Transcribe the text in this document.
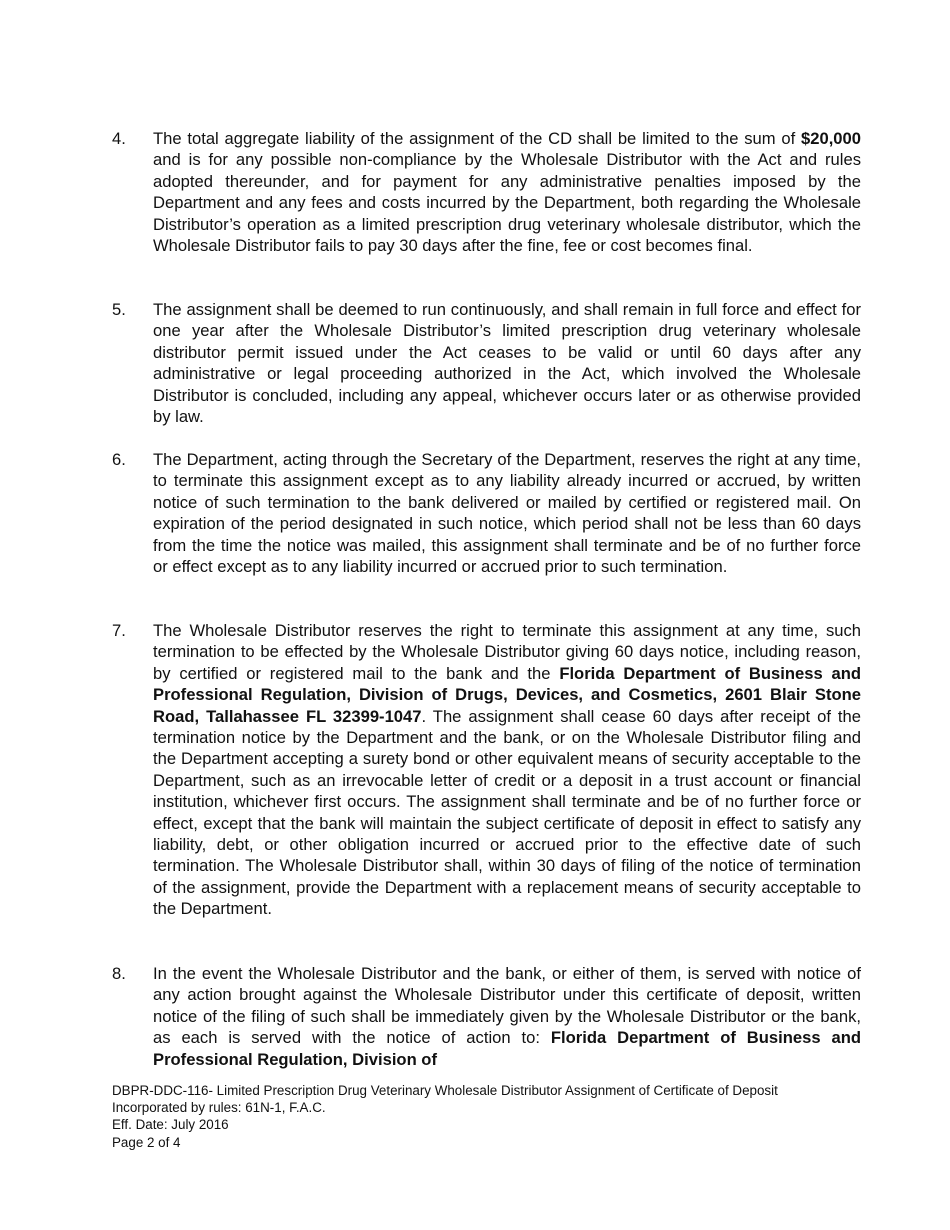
4. The total aggregate liability of the assignment of the CD shall be limited to the sum of $20,000 and is for any possible non-compliance by the Wholesale Distributor with the Act and rules adopted thereunder, and for payment for any administrative penalties imposed by the Department and any fees and costs incurred by the Department, both regarding the Wholesale Distributor’s operation as a limited prescription drug veterinary wholesale distributor, which the Wholesale Distributor fails to pay 30 days after the fine, fee or cost becomes final.
5. The assignment shall be deemed to run continuously, and shall remain in full force and effect for one year after the Wholesale Distributor’s limited prescription drug veterinary wholesale distributor permit issued under the Act ceases to be valid or until 60 days after any administrative or legal proceeding authorized in the Act, which involved the Wholesale Distributor is concluded, including any appeal, whichever occurs later or as otherwise provided by law.
6. The Department, acting through the Secretary of the Department, reserves the right at any time, to terminate this assignment except as to any liability already incurred or accrued, by written notice of such termination to the bank delivered or mailed by certified or registered mail. On expiration of the period designated in such notice, which period shall not be less than 60 days from the time the notice was mailed, this assignment shall terminate and be of no further force or effect except as to any liability incurred or accrued prior to such termination.
7. The Wholesale Distributor reserves the right to terminate this assignment at any time, such termination to be effected by the Wholesale Distributor giving 60 days notice, including reason, by certified or registered mail to the bank and the Florida Department of Business and Professional Regulation, Division of Drugs, Devices, and Cosmetics, 2601 Blair Stone Road, Tallahassee FL 32399-1047. The assignment shall cease 60 days after receipt of the termination notice by the Department and the bank, or on the Wholesale Distributor filing and the Department accepting a surety bond or other equivalent means of security acceptable to the Department, such as an irrevocable letter of credit or a deposit in a trust account or financial institution, whichever first occurs. The assignment shall terminate and be of no further force or effect, except that the bank will maintain the subject certificate of deposit in effect to satisfy any liability, debt, or other obligation incurred or accrued prior to the effective date of such termination. The Wholesale Distributor shall, within 30 days of filing of the notice of termination of the assignment, provide the Department with a replacement means of security acceptable to the Department.
8. In the event the Wholesale Distributor and the bank, or either of them, is served with notice of any action brought against the Wholesale Distributor under this certificate of deposit, written notice of the filing of such shall be immediately given by the Wholesale Distributor or the bank, as each is served with the notice of action to: Florida Department of Business and Professional Regulation, Division of
DBPR-DDC-116- Limited Prescription Drug Veterinary Wholesale Distributor Assignment of Certificate of Deposit
Incorporated by rules: 61N-1, F.A.C.
Eff. Date: July 2016
Page 2 of 4
